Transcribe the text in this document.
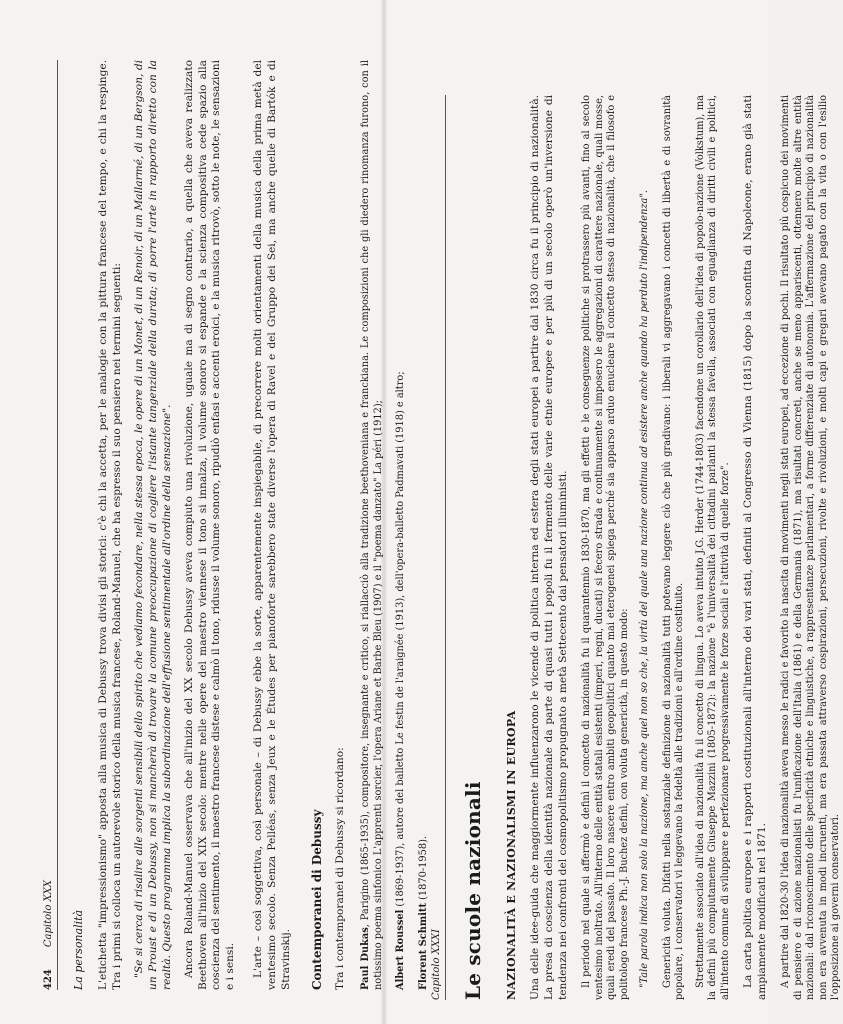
424
Capitolo XXX La personalità L'etichetta "impressionismo" apposta alla musica di Debussy trova divisi gli storici: c'è chi la accetta, per le analogie con la pittura francese del tempo, e chi la respinge. Tra i primi si colloca un autorevole storico della musica francese, Roland-Manuel, che ha espresso il suo pensiero nei termini seguenti: "Se si cerca di risalire alle sorgenti sensibili dello spirito che vediamo fecondare, nella stessa epoca, le opere di un Monet, di un Renoir, di un Mallarmé, di un Bergson, di un Proust e di un Debussy, non si mancherà di trovare la comune preoccupazione di cogliere l'istante tangenziale della durata; di porre l'arte in rapporto diretto con la realtà. Questo programma implica la subordinazione dell'effusione sentimentale all'ordine della sensazione". Ancora Roland-Manuel osservava che all'inizio del XX secolo Debussy aveva compiuto una rivoluzione, uguale ma di segno contrario, a quella che aveva realizzato Beethoven all'inizio del XIX secolo: mentre nelle opere del maestro viennese il tono si innalza, il volume sonoro si espande e la scienza compositiva cede spazio alla coscienza del sentimento, il maestro francese distese e calmò il tono, ridusse il volume sonoro, ripudiò enfasi e accenti eroici, e la musica ritrovò, sotto le note, le sensazioni e i sensi. L'arte – così soggettiva, così personale – di Debussy ebbe la sorte, apparentemente inspiegabile, di precorrere molti orientamenti della musica della prima metà del ventesimo secolo. Senza Pelléas, senza Jeux e le Études per pianoforte sarebbero state diverse l'opera di Ravel e del Gruppo dei Sei, ma anche quelle di Bartók e di Stravinskij. Contemporanei di Debussy Tra i contemporanei di Debussy si ricordano: Paul Dukas, Parigino (1865-1935), compositore, insegnante e critico, si riallacciò alla tradizione beethoveniana e franckiana. Le composizioni che gli diedero rinomanza furono, con il notissimo poema sinfonico L'apprenti sorcier, l'opera Ariane et Barbe Bleu (1907) e il "poema danzato" La péri (1912); Albert Roussel (1869-1937), autore del balletto Le festin de l'araignée (1913), dell'opera-balletto Padmavati (1918) e altro;

Florent Schmitt (1870-1958).

Capitolo XXXI Le scuole nazionali NAZIONALITÀ E NAZIONALISMI IN EUROPA Una delle idee-guida che maggiormente influenzarono le vicende di politica interna ed estera degli stati europei a partire dal 1830 circa fu il principio di nazionalità. La presa di coscienza della identità nazionale da parte di quasi tutti i popoli fu il fermento delle varie etnie europee e per più di un secolo operò un'inversione di tendenza nei confronti del cosmopolitismo propugnato a metà Settecento dai pensatori illuministi. Il periodo nel quale si affermò e definì il concetto di nazionalità fu il quarantennio 1830-1870, ma gli effetti e le conseguenze politiche si protrassero più avanti, fino al secolo ventesimo inoltrato. All'interno delle entità statali esistenti (imperi, regni, ducati) si fecero strada e continuamente si imposero le aggregazioni di carattere nazionale, quali mosse, quali eredi del passato. Il loro nascere entro ambiti geopolitici quanto mai eterogenei spiega perché sia apparso arduo enucleare il concetto stesso di nazionalità, che il filosofo e politologo francese Ph.-J. Buchez definì, con voluta genericità, in questo modo: "Tale parola indica non solo la nazione, ma anche quel non so che, la virtù del quale una nazione continua ad esistere anche quando ha perduto l'indipendenza". Genericità voluta. Difatti nella sostanziale definizione di nazionalità tutti potevano leggere ciò che più gradivano: i liberali vi aggregavano i concetti di libertà e di sovranità popolare, i conservatori vi leggevano la fedeltà alle tradizioni e all'ordine costituito. Strettamente associato all'idea di nazionalità fu il concetto di lingua. Lo aveva intuito J.G. Herder (1744-1803) facendone un corollario dell'idea di popolo-nazione (Volkstum), ma la definì più compiutamente Giuseppe Mazzini (1805-1872): la nazione "è l'universalità dei cittadini parlanti la stessa favella, associati con eguaglianza di diritti civili e politici, all'intento comune di sviluppare e perfezionare progressivamente le forze sociali e l'attività di quelle forze". La carta politica europea e i rapporti costituzionali all'interno dei vari stati, definiti al Congresso di Vienna (1815) dopo la sconfitta di Napoleone, erano già stati ampiamente modificati nel 1871. A partire dal 1820-30 l'idea di nazionalità aveva messo le radici e favorito la nascita di movimenti negli stati europei, ad eccezione di pochi. Il risultato più cospicuo dei movimenti di pensiero e di azione nazionalisti fu l'unificazione dell'Italia (1861) e della Germania (1871), ma risultati concreti, anche se meno appariscenti, ottennero molte altre entità nazionali: dal riconoscimento delle specificità etniche e linguistiche, a rappresentanze parlamentari, a forme differenziate di autonomia. L'affermazione del principio di nazionalità non era avvenuta in modi incruenti, ma era passata attraverso cospirazioni, persecuzioni, rivolte e rivoluzioni, e molti capi e gregari avevano pagato con la vita o con l'esilio l'opposizione ai governi conservatori.
